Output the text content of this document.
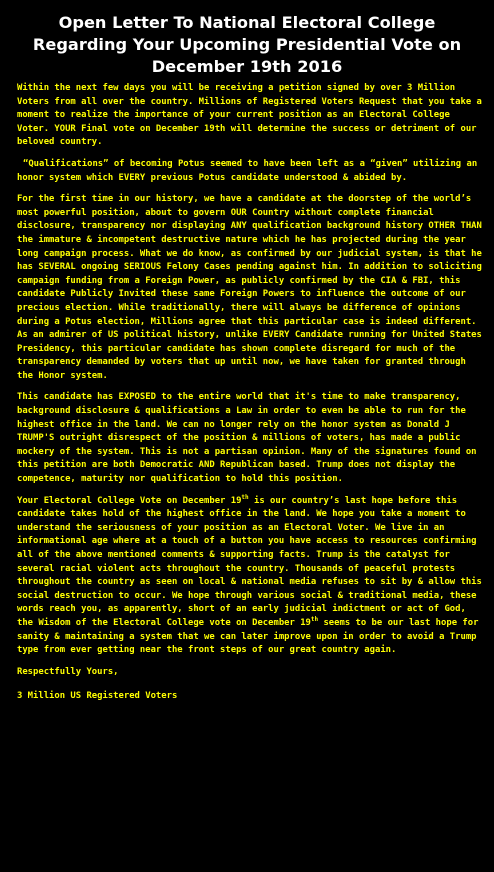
Open Letter To National Electoral College
Regarding Your Upcoming Presidential Vote on
December 19th 2016

Within the next few days you will be receiving a petition signed by over 3 Million Voters from all over the country. Millions of Registered Voters Request that you take a moment to realize the importance of your current position as an Electoral College Voter. YOUR Final vote on December 19th will determine the success or detriment of our beloved country.

“Qualifications” of becoming Potus seemed to have been left as a “given” utilizing an honor system which EVERY previous Potus candidate understood & abided by.

For the first time in our history, we have a candidate at the doorstep of the world’s most powerful position, about to govern OUR Country without complete financial disclosure, transparency nor displaying ANY qualification background history OTHER THAN the immature & incompetent destructive nature which he has projected during the year long campaign process. What we do know, as confirmed by our judicial system, is that he has SEVERAL ongoing SERIOUS Felony Cases pending against him. In addition to soliciting campaign funding from a Foreign Power, as publicly confirmed by the CIA & FBI, this candidate Publicly Invited these same Foreign Powers to influence the outcome of our precious election. While traditionally, there will always be difference of opinions during a Potus election, Millions agree that this particular case is indeed different. As an admirer of US political history, unlike EVERY Candidate running for United States Presidency, this particular candidate has shown complete disregard for much of the transparency demanded by voters that up until now, we have taken for granted through the Honor system.

This candidate has EXPOSED to the entire world that it's time to make transparency, background disclosure & qualifications a Law in order to even be able to run for the highest office in the land. We can no longer rely on the honor system as Donald J TRUMP'S outright disrespect of the position & millions of voters, has made a public mockery of the system. This is not a partisan opinion. Many of the signatures found on this petition are both Democratic AND Republican based. Trump does not display the competence, maturity nor qualification to hold this position.

Your Electoral College Vote on December 19th is our country’s last hope before this candidate takes hold of the highest office in the land. We hope you take a moment to understand the seriousness of your position as an Electoral Voter. We live in an informational age where at a touch of a button you have access to resources confirming all of the above mentioned comments & supporting facts. Trump is the catalyst for several racial violent acts throughout the country. Thousands of peaceful protests throughout the country as seen on local & national media refuses to sit by & allow this social destruction to occur. We hope through various social & traditional media, these words reach you, as apparently, short of an early judicial indictment or act of God, the Wisdom of the Electoral College vote on December 19th seems to be our last hope for sanity & maintaining a system that we can later improve upon in order to avoid a Trump type from ever getting near the front steps of our great country again.

Respectfully Yours,

3 Million US Registered Voters
